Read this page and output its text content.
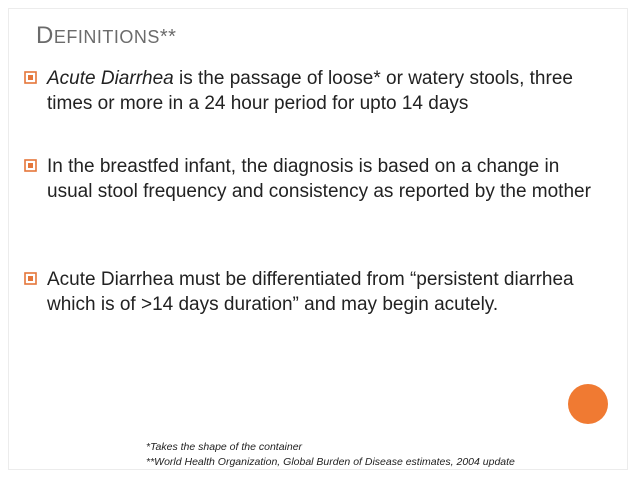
DEFINITIONS**
Acute Diarrhea is the passage of loose* or watery stools, three times or more in a 24 hour period for upto 14 days
In the breastfed infant, the diagnosis is based on a change in usual stool frequency and consistency as reported by the mother
Acute Diarrhea must be differentiated from “persistent diarrhea which is of >14 days duration” and may begin acutely.
*Takes the shape of the container
**World Health Organization, Global Burden of Disease estimates, 2004 update
